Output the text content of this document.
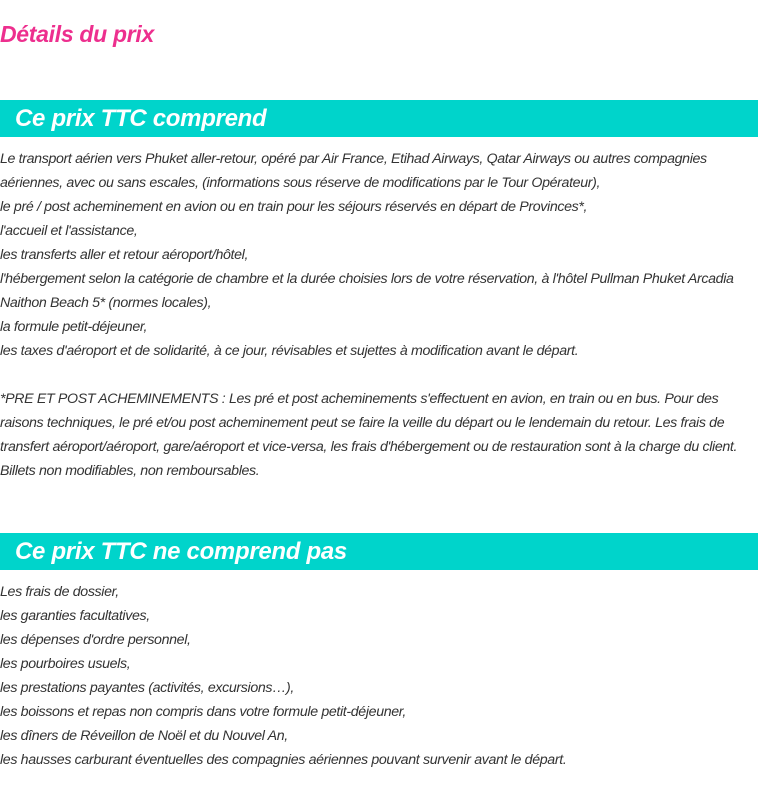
Détails du prix
Ce prix TTC comprend

Le transport aérien vers Phuket aller-retour, opéré par Air France, Etihad Airways, Qatar Airways ou autres compagnies aériennes, avec ou sans escales, (informations sous réserve de modifications par le Tour Opérateur),

le pré / post acheminement en avion ou en train pour les séjours réservés en départ de Provinces*,

l'accueil et l'assistance,

les transferts aller et retour aéroport/hôtel,

l'hébergement selon la catégorie de chambre et la durée choisies lors de votre réservation, à l'hôtel Pullman Phuket Arcadia Naithon Beach 5* (normes locales),

la formule petit-déjeuner,

les taxes d'aéroport et de solidarité, à ce jour, révisables et sujettes à modification avant le départ.

*PRE ET POST ACHEMINEMENTS : Les pré et post acheminements s'effectuent en avion, en train ou en bus. Pour des raisons techniques, le pré et/ou post acheminement peut se faire la veille du départ ou le lendemain du retour. Les frais de transfert aéroport/aéroport, gare/aéroport et vice-versa, les frais d'hébergement ou de restauration sont à la charge du client. Billets non modifiables, non remboursables.

Ce prix TTC ne comprend pas

Les frais de dossier,

les garanties facultatives,

les dépenses d'ordre personnel,

les pourboires usuels,

les prestations payantes (activités, excursions…),

les boissons et repas non compris dans votre formule petit-déjeuner,

les dîners de Réveillon de Noël et du Nouvel An,

les hausses carburant éventuelles des compagnies aériennes pouvant survenir avant le départ.
